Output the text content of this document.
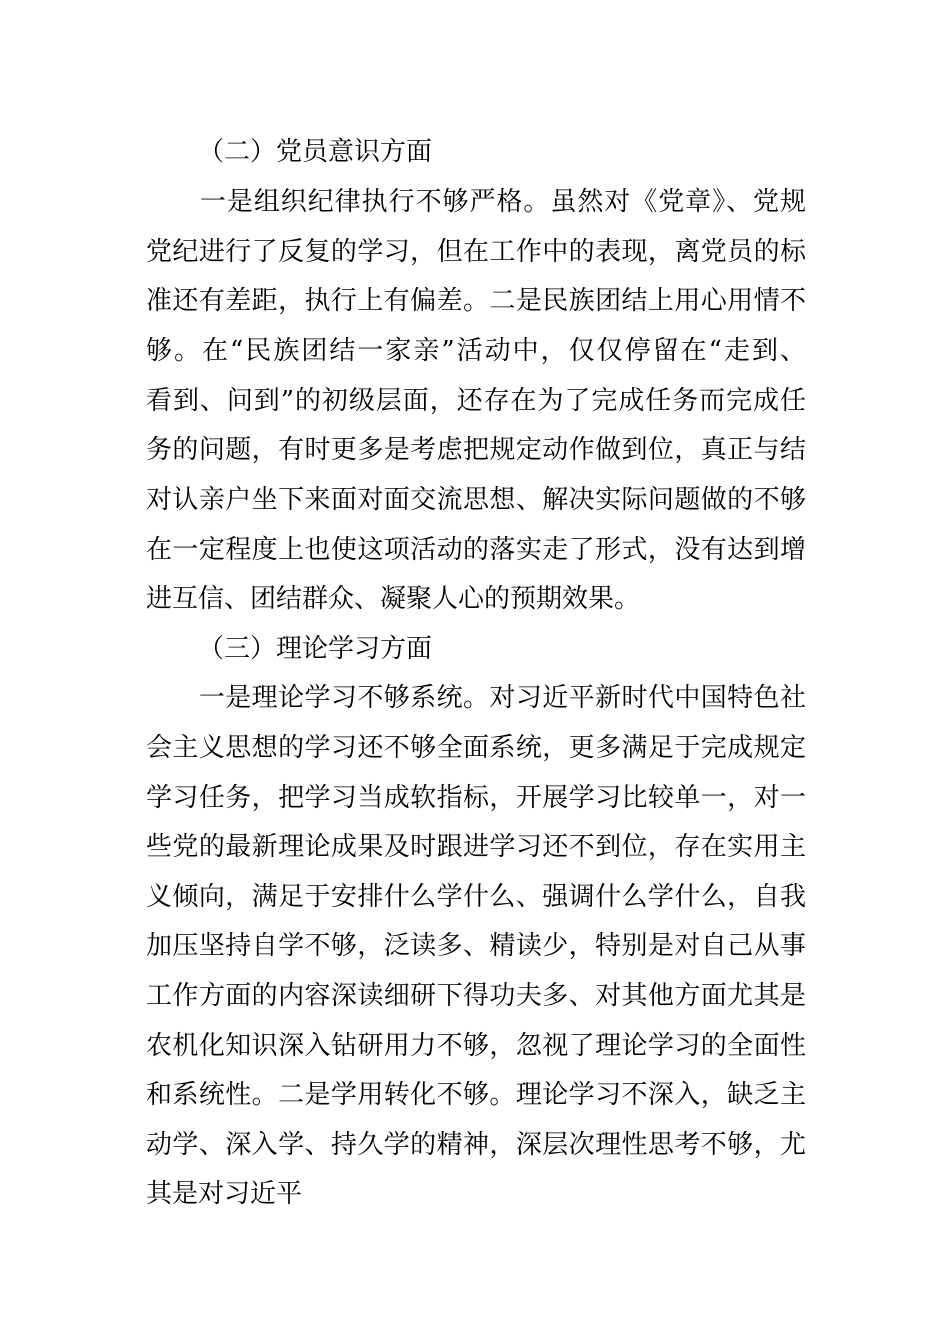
（二）党员意识方面

　　一是组织纪律执行不够严格。虽然对《党章》、党规

党纪进行了反复的学习，但在工作中的表现，离党员的标

准还有差距，执行上有偏差。二是民族团结上用心用情不

够。在“民族团结一家亲”活动中，仅仅停留在“走到、

看到、问到”的初级层面，还存在为了完成任务而完成任

务的问题，有时更多是考虑把规定动作做到位，真正与结

对认亲户坐下来面对面交流思想、解决实际问题做的不够

在一定程度上也使这项活动的落实走了形式，没有达到增

进互信、团结群众、凝聚人心的预期效果。

（三）理论学习方面

　　一是理论学习不够系统。对习近平新时代中国特色社

会主义思想的学习还不够全面系统，更多满足于完成规定

学习任务，把学习当成软指标，开展学习比较单一，对一

些党的最新理论成果及时跟进学习还不到位，存在实用主

义倾向，满足于安排什么学什么、强调什么学什么，自我

加压坚持自学不够，泛读多、精读少，特别是对自己从事

工作方面的内容深读细研下得功夫多、对其他方面尤其是

农机化知识深入钻研用力不够，忽视了理论学习的全面性

和系统性。二是学用转化不够。理论学习不深入，缺乏主

动学、深入学、持久学的精神，深层次理性思考不够，尤

其是对习近平
